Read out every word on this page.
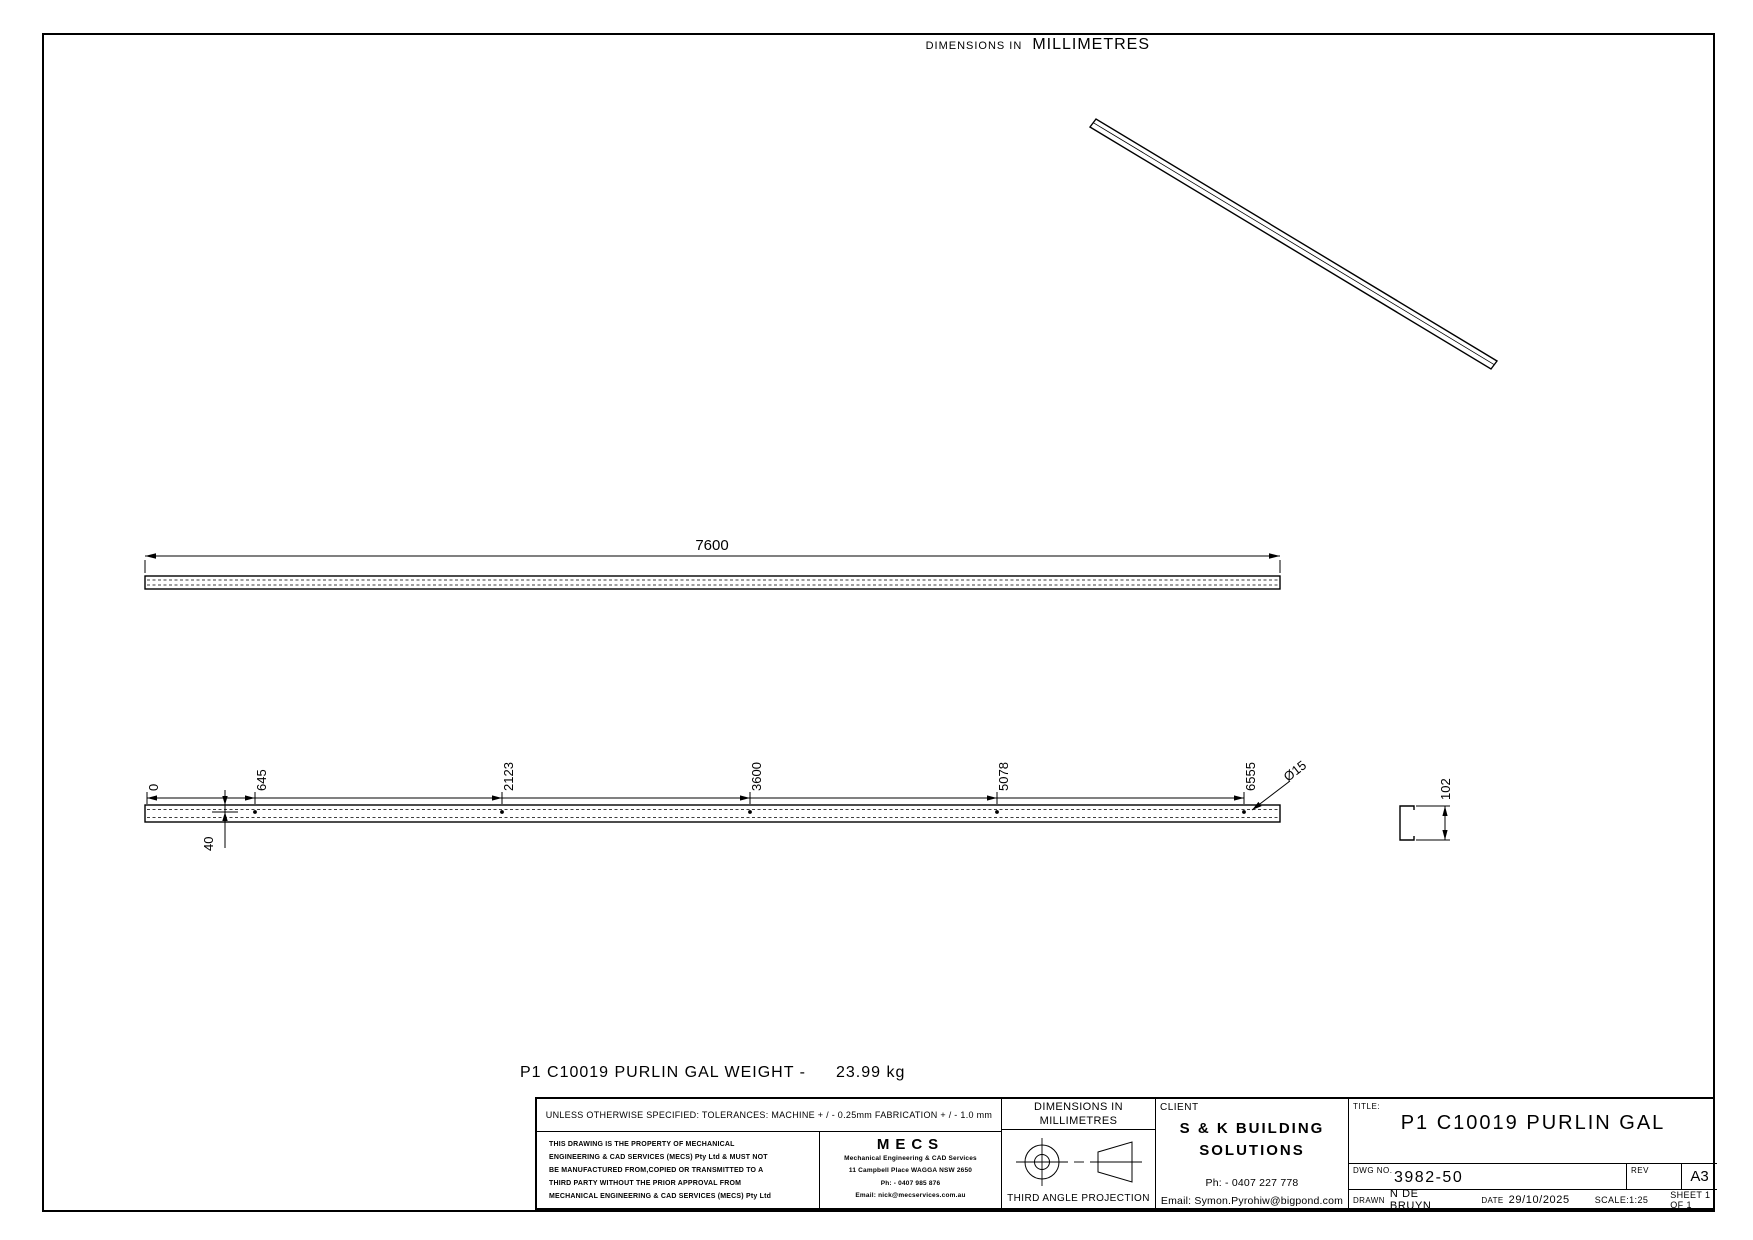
DIMENSIONS IN MILLIMETRES
7600
0	645	2123	3600	5078	6555
40
Ø15
102
P1 C10019 PURLIN GAL WEIGHT - 23.99 kg
UNLESS OTHERWISE SPECIFIED: TOLERANCES: MACHINE + / - 0.25mm FABRICATION + / - 1.0 mm
THIS DRAWING IS THE PROPERTY OF MECHANICAL
ENGINEERING & CAD SERVICES (MECS) Pty Ltd & MUST NOT
BE MANUFACTURED FROM,COPIED OR TRANSMITTED TO A
THIRD PARTY WITHOUT THE PRIOR APPROVAL FROM
MECHANICAL ENGINEERING & CAD SERVICES (MECS) Pty Ltd
MECS
Mechanical Engineering & CAD Services
11 Campbell Place WAGGA NSW 2650
Ph: - 0407 985 876
Email: nick@mecservices.com.au
DIMENSIONS IN
MILLIMETRES
THIRD ANGLE PROJECTION
CLIENT
S & K BUILDING
SOLUTIONS
Ph: - 0407 227 778
Email: Symon.Pyrohiw@bigpond.com
TITLE:
P1 C10019 PURLIN GAL
DWG NO. 3982-50	REV	A3
DRAWN N DE BRUYN	DATE 29/10/2025	SCALE:1:25 SHEET 1 OF 1
